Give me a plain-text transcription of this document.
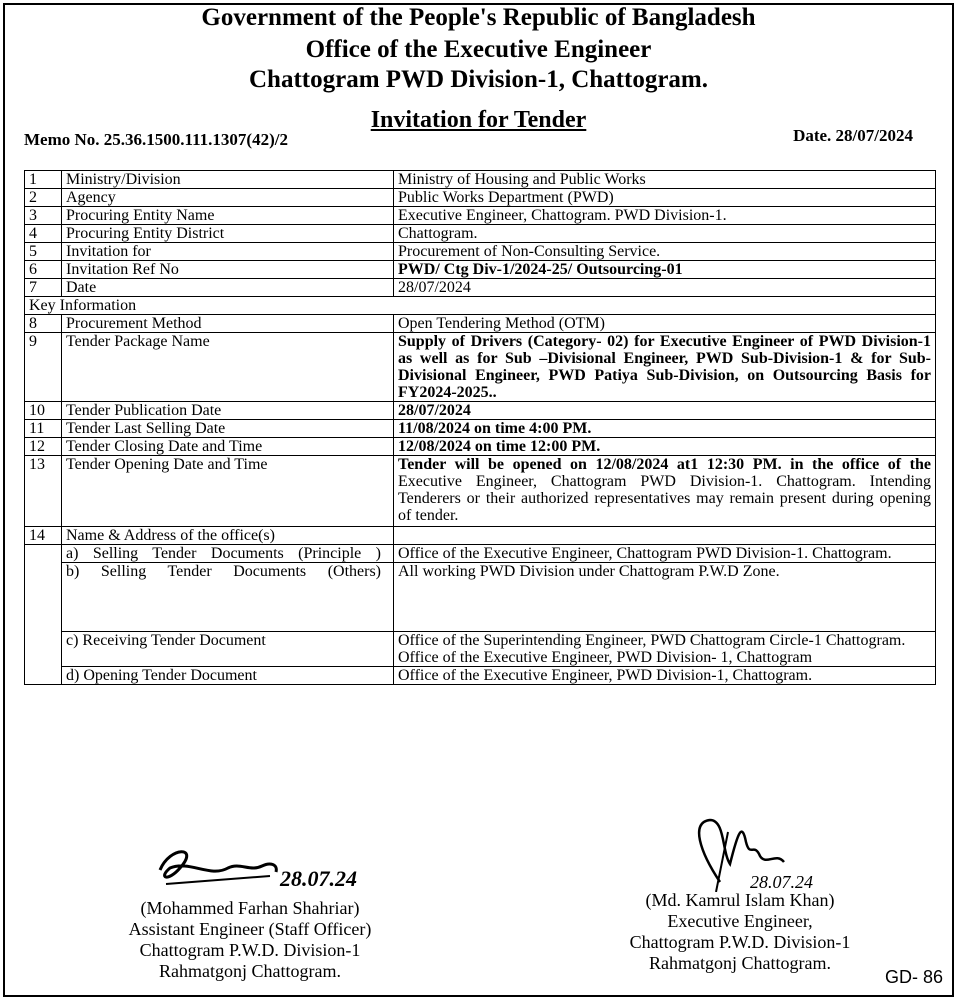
Government of the People's Republic of Bangladesh
Office of the Executive Engineer
Chattogram PWD Division-1, Chattogram.
Invitation for Tender
Memo No. 25.36.1500.111.1307(42)/2	Date. 28/07/2024
1	Ministry/Division	Ministry of Housing and Public Works
2	Agency	Public Works Department (PWD)
3	Procuring Entity Name	Executive Engineer, Chattogram. PWD Division-1.
4	Procuring Entity District	Chattogram.
5	Invitation for	Procurement of Non-Consulting Service.
6	Invitation Ref No	PWD/ Ctg Div-1/2024-25/ Outsourcing-01
7	Date	28/07/2024
Key Information		
8	Procurement Method	Open Tendering Method (OTM)
9	Tender Package Name	Supply of Drivers (Category- 02) for Executive Engineer of PWD Division-1 as well as for Sub –Divisional Engineer, PWD Sub-Division-1 & for Sub-Divisional Engineer, PWD Patiya Sub-Division, on Outsourcing Basis for FY2024-2025..
10	Tender Publication Date	28/07/2024
11	Tender Last Selling Date	11/08/2024 on time 4:00 PM.
12	Tender Closing Date and Time	12/08/2024 on time 12:00 PM.
13	Tender Opening Date and Time	Tender will be opened on 12/08/2024 at1 12:30 PM. in the office of the Executive Engineer, Chattogram PWD Division-1. Chattogram. Intending Tenderers or their authorized representatives may remain present during opening of tender.
14	Name & Address of the office(s)	
	a) Selling Tender Documents (Principle )	Office of the Executive Engineer, Chattogram PWD Division-1. Chattogram.
	b) Selling Tender Documents (Others)	All working PWD Division under Chattogram P.W.D Zone.
	c) Receiving Tender Document	Office of the Superintending Engineer, PWD Chattogram Circle-1 Chattogram.
Office of the Executive Engineer, PWD Division- 1, Chattogram

	d) Opening Tender Document	Office of the Executive Engineer, PWD Division-1, Chattogram.
28.07.24	28.07.24
(Mohammed Farhan Shahriar)
Assistant Engineer (Staff Officer)
Chattogram P.W.D. Division-1
Rahmatgonj Chattogram.
(Md. Kamrul Islam Khan)
Executive Engineer,
Chattogram P.W.D. Division-1
Rahmatgonj Chattogram.
GD- 86
